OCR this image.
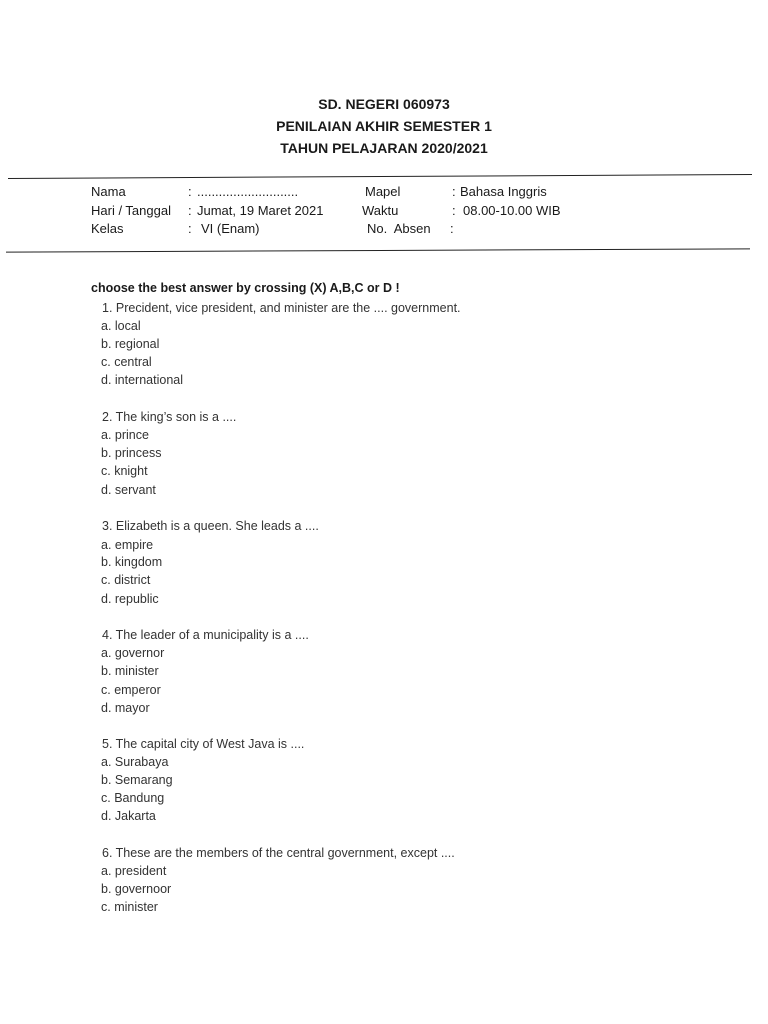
SD. NEGERI 060973
PENILAIAN AKHIR SEMESTER 1
TAHUN PELAJARAN 2020/2021
Nama	: ............................
Hari / Tanggal : Jumat, 19 Maret 2021
Kelas	: VI (Enam)
Mapel	: Bahasa Inggris
Waktu	: 08.00-10.00 WIB
No.  Absen :
choose the best answer by crossing (X) A,B,C or D !
1. Precident, vice president, and minister are the .... government.
a. local
b. regional
c. central
d. international
2. The king’s son is a ....
a. prince
b. princess
c. knight
d. servant
3. Elizabeth is a queen. She leads a ....
a. empire
b. kingdom
c. district
d. republic
4. The leader of a municipality is a ....
a. governor
b. minister
c. emperor
d. mayor
5. The capital city of West Java is ....
a. Surabaya
b. Semarang
c. Bandung
d. Jakarta
6. These are the members of the central government, except ....
a. president
b. governoor
c. minister
